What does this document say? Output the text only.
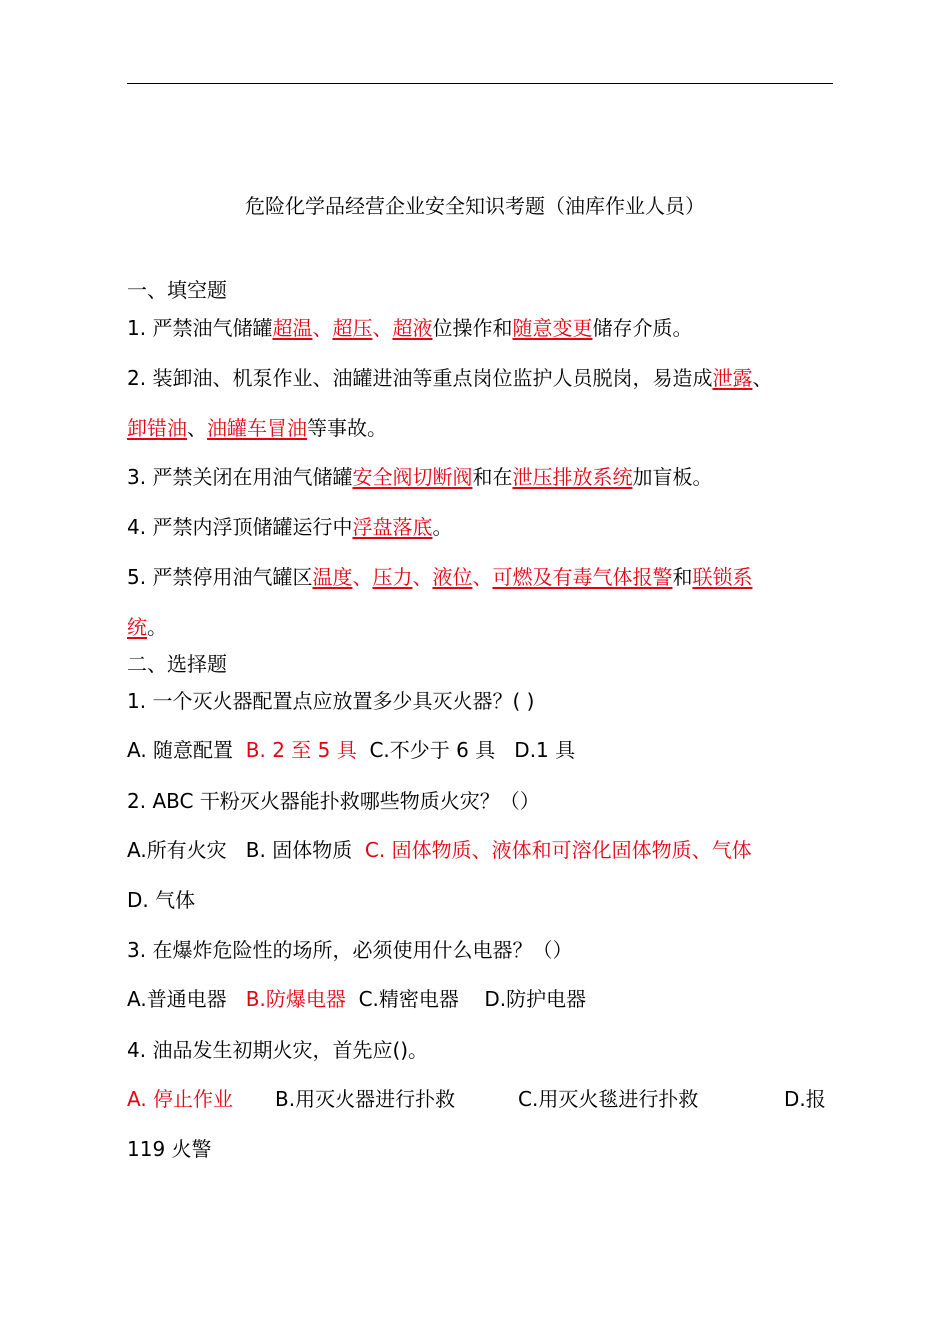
危险化学品经营企业安全知识考题（油库作业人员）
一、填空题
1. 严禁油气储罐超温、超压、超液位操作和随意变更储存介质。
2. 装卸油、机泵作业、油罐进油等重点岗位监护人员脱岗，易造成泄露、
卸错油、油罐车冒油等事故。
3. 严禁关闭在用油气储罐安全阀切断阀和在泄压排放系统加盲板。
4. 严禁内浮顶储罐运行中浮盘落底。
5. 严禁停用油气罐区温度、压力、液位、可燃及有毒气体报警和联锁系
统。
二、选择题
1. 一个灭火器配置点应放置多少具灭火器？( )
A. 随意配置 B. 2 至 5 具 C.不少于 6 具 D.1 具
2. ABC 干粉灭火器能扑救哪些物质火灾？（）
A.所有火灾 B. 固体物质 C. 固体物质、液体和可溶化固体物质、气体
D. 气体
3. 在爆炸危险性的场所，必须使用什么电器？（）
A.普通电器 B.防爆电器 C.精密电器 D.防护电器
4. 油品发生初期火灾，首先应()。
A. 停止作业 B.用灭火器进行扑救	C.用灭火毯进行扑救	D.报
119 火警
